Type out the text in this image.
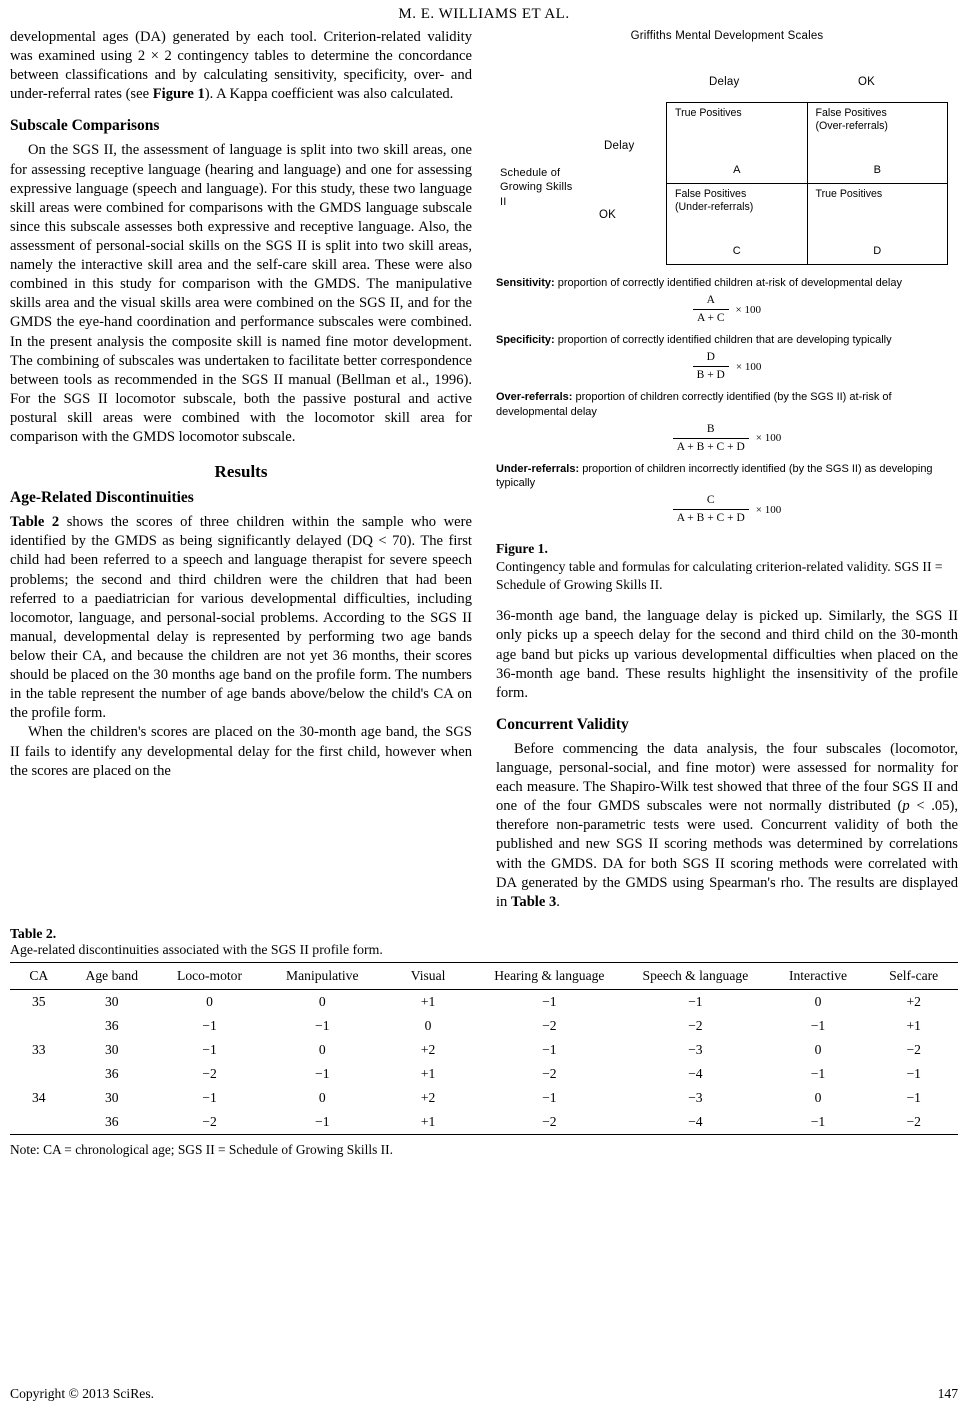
M. E. WILLIAMS ET AL.

developmental ages (DA) generated by each tool. Criterion-related validity was examined using 2 × 2 contingency tables to determine the concordance between classifications and by calculating sensitivity, specificity, over- and under-referral rates (see Figure 1). A Kappa coefficient was also calculated.

Subscale Comparisons

On the SGS II, the assessment of language is split into two skill areas, one for assessing receptive language (hearing and language) and one for assessing expressive language (speech and language). For this study, these two language skill areas were combined for comparisons with the GMDS language subscale since this subscale assesses both expressive and receptive language. Also, the assessment of personal-social skills on the SGS II is split into two skill areas, namely the interactive skill area and the self-care skill area. These were also combined in this study for comparison with the GMDS. The manipulative skills area and the visual skills area were combined on the SGS II, and for the GMDS the eye-hand coordination and performance subscales were combined. In the present analysis the composite skill is named fine motor development. The combining of subscales was undertaken to facilitate better correspondence between tools as recommended in the SGS II manual (Bellman et al., 1996). For the SGS II locomotor subscale, both the passive postural and active postural skill areas were combined with the locomotor skill area for comparison with the GMDS locomotor subscale.

Results
Age-Related Discontinuities

Table 2 shows the scores of three children within the sample who were identified by the GMDS as being significantly delayed (DQ < 70). The first child had been referred to a speech and language therapist for severe speech problems; the second and third children were the children that had been referred to a paediatrician for various developmental difficulties, including locomotor, language, and personal-social problems. According to the SGS II manual, developmental delay is represented by performing two age bands below their CA, and because the children are not yet 36 months, their scores should be placed on the 30 months age band on the profile form. The numbers in the table represent the number of age bands above/below the child's CA on the profile form.

When the children's scores are placed on the 30-month age band, the SGS II fails to identify any developmental delay for the first child, however when the scores are placed on the

Griffiths Mental Development Scales
Delay	OK
Delay
OK
Schedule of
Growing Skills
II
True Positives
A

False Positives
(Over-referrals)
B

False Positives
(Under-referrals)
C

True Positives
D
Sensitivity: proportion of correctly identified children at-risk of developmental delay
$\frac{A}{A + C} \times 100$
Specificity: proportion of correctly identified children that are developing typically
$\frac{D}{B + D} \times 100$
Over-referrals: proportion of children correctly identified (by the SGS II) at-risk of developmental delay
$\frac{B}{A + B + C + D} \times 100$
Under-referrals: proportion of children incorrectly identified (by the SGS II) as developing typically
$\frac{C}{A + B + C + D} \times 100$
Figure 1.
Contingency table and formulas for calculating criterion-related validity. SGS II = Schedule of Growing Skills II.

36-month age band, the language delay is picked up. Similarly, the SGS II only picks up a speech delay for the second and third child on the 30-month age band but picks up various developmental difficulties when placed on the 36-month age band. These results highlight the insensitivity of the profile form.

Concurrent Validity

Before commencing the data analysis, the four subscales (locomotor, language, personal-social, and fine motor) were assessed for normality for each measure. The Shapiro-Wilk test showed that three of the four SGS II and one of the four GMDS subscales were not normally distributed (p < .05), therefore non-parametric tests were used. Concurrent validity of both the published and new SGS II scoring methods was determined by correlations with the GMDS. DA for both SGS II scoring methods were correlated with DA generated by the GMDS using Spearman's rho. The results are displayed in Table 3.

Table 2.
Age-related discontinuities associated with the SGS II profile form.
CA	Age band	Loco-motor	Manipulative	Visual	Hearing & language	Speech & language	Interactive	Self-care
35	30	0	0	+1	−1	−1	0	+2
	36	−1	−1	0	−2	−2	−1	+1
33	30	−1	0	+2	−1	−3	0	−2
	36	−2	−1	+1	−2	−4	−1	−1
34	30	−1	0	+2	−1	−3	0	−1
	36	−2	−1	+1	−2	−4	−1	−2
Note: CA = chronological age; SGS II = Schedule of Growing Skills II.
Copyright © 2013 SciRes.	147
